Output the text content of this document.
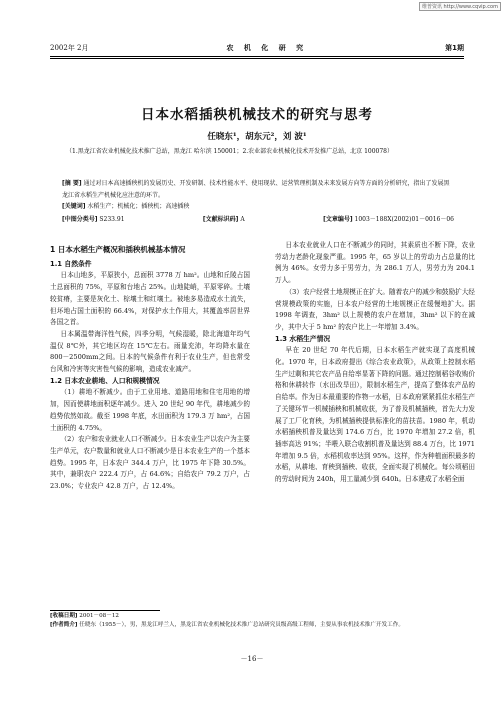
维普资讯 http://www.cqvip.com
2002年 2月	农 机 化 研 究	第1期
日本水稻插秧机械技术的研究与思考
任晓东¹，胡东元²，刘 波¹
（1.黑龙江省农业机械化技术推广总站，黑龙江 哈尔滨 150001；2.农业部农业机械化技术开发推广总站，北京 100078）
[摘 要] 通过对日本高速插秧机的发展历史、开发研制、技术性能水平、使用现状、运营管理机制及未来发展方向等方面的分析研究，指出了发展黑龙江省水稻生产机械化应注意的环节。
[关键词] 水稻生产；机械化；插秧机；高速插秧
[中图分类号] S233.91	[文献标识码] A	[文章编号] 1003－188X(2002)01－0016－06
1 日本水稻生产概况和插秧机械基本情况
1.1 自然条件

日本山地多，平原狭小，总面积 3778 万 hm²。山地和丘陵占国土总面积的 75%，平原和台地占 25%。山地陡峭，平原零碎。土壤较贫瘠，主要是灰化土、棕壤土和红壤土。被地多易造成水土流失，但坏地占国土面积的 66.4%，对保护水土作用大，其覆盖率居世界各国之首。

日本属温带海洋性气候，四季分明，气候湿暖，除北海道年均气温仅 8℃外，其它地区均在 15℃左右。雨量充沛，年均降水量在 800－2500mm之间。日本的气候条件有利于农业生产，但也常受台风和冷害等灾害性气候的影响，造成农业减产。

1.2 日本农业耕地、人口和规模情况

（1）耕地不断减少。由于工业用地、道路用地和住宅用地的增加，因而使耕地面积逐年减少。进入 20 世纪 90 年代，耕地减少的趋势依然如故。截至 1998 年底，水田面积为 179.3 万 hm²，占国土面积的 4.75%。

（2）农户和农业就业人口不断减少。日本农业生产以农户为主要生产单元，农户数量和就业人口不断减少是日本农业生产的一个基本趋势。1995 年，日本农户 344.4 万户，比 1975 年下降 30.5%。其中，兼职农户 222.4 万户，占 64.6%；自给农户 79.2 万户，占 23.0%；专业农户 42.8 万户，占 12.4%。

日本农业就业人口在不断减少的同时，其素质也不断下降，农业劳动力老龄化现象严重。1995 年，65 岁以上的劳动力占总量的比例为 46%。女劳力多于男劳力，为 286.1 万人，男劳力为 204.1 万人。

（3）农户经营土地规模正在扩大。随着农户的减少和鼓励扩大经营规模政策的实施，日本农户经营的土地规模正在缓慢地扩大。据 1998 年调查，3hm² 以上规模的农户在增加，3hm² 以下的在减少，其中大于 5 hm² 的农户比上一年增加 3.4%。

1.3 水稻生产情况

早在 20 世纪 70 年代后期，日本水稻生产就实现了高度机械化。1970 年，日本政府提出《综合农业政策》，从政策上控制水稻生产过剩和其它农产品自给率显著下降的问题。通过控制稻谷收购价格和休耕转作（水田改旱田），限制水稻生产，提高了整体农产品的自给率。作为日本最重要的作物一水稻，日本政府紧紧抓住水稻生产了关键环节一机械插秧和机械收获，为了普及机械插秧，首先大力发展了工厂化育秧，为机械插秧提供标准化的苗扶苗。1980 年，机动水稻插秧机普及量达到 174.6 万台，比 1970 年增加 27.2 倍，机插率高达 91%；半喂入联合收割机普及量达到 88.4 万台，比 1971 年增加 9.5 倍，水稻机收率达到 95%。这样，作为种植面积最多的水稻，从耕地、育秧到插秧、收获，全面实现了机械化。每公顷稻田的劳动时间为 240h，用工量减少到 640h。日本建成了水稻全面

[收稿日期] 2001－08－12
[作者简介] 任晓东（1955－），男，黑龙江呼兰人，黑龙江省农业机械化技术推广总站研究员级高级工程师，主要从事农机技术推广开发工作。
－16－
